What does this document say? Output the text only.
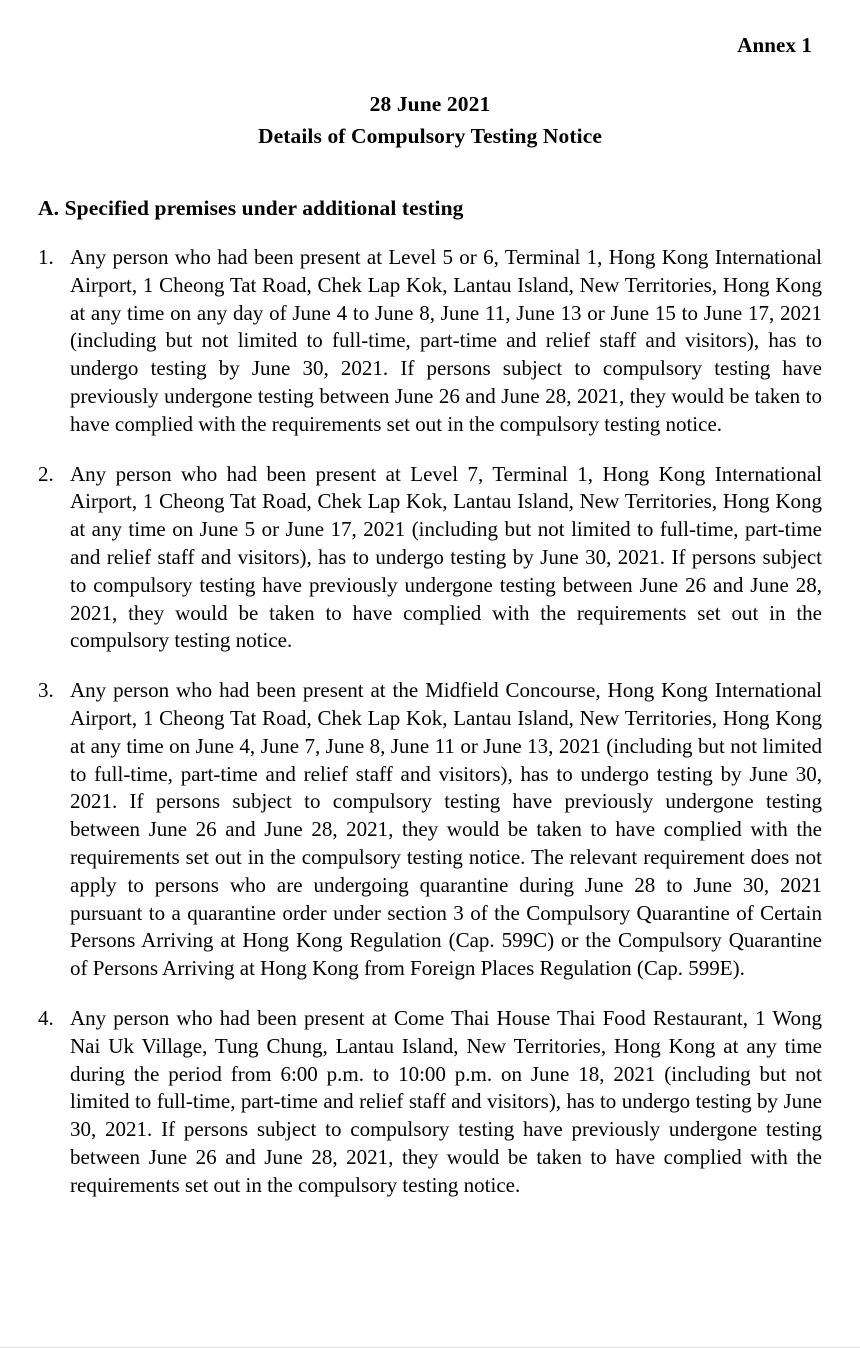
Annex 1
28 June 2021
Details of Compulsory Testing Notice
A. Specified premises under additional testing
1. Any person who had been present at Level 5 or 6, Terminal 1, Hong Kong International Airport, 1 Cheong Tat Road, Chek Lap Kok, Lantau Island, New Territories, Hong Kong at any time on any day of June 4 to June 8, June 11, June 13 or June 15 to June 17, 2021 (including but not limited to full-time, part-time and relief staff and visitors), has to undergo testing by June 30, 2021. If persons subject to compulsory testing have previously undergone testing between June 26 and June 28, 2021, they would be taken to have complied with the requirements set out in the compulsory testing notice.
2. Any person who had been present at Level 7, Terminal 1, Hong Kong International Airport, 1 Cheong Tat Road, Chek Lap Kok, Lantau Island, New Territories, Hong Kong at any time on June 5 or June 17, 2021 (including but not limited to full-time, part-time and relief staff and visitors), has to undergo testing by June 30, 2021. If persons subject to compulsory testing have previously undergone testing between June 26 and June 28, 2021, they would be taken to have complied with the requirements set out in the compulsory testing notice.
3. Any person who had been present at the Midfield Concourse, Hong Kong International Airport, 1 Cheong Tat Road, Chek Lap Kok, Lantau Island, New Territories, Hong Kong at any time on June 4, June 7, June 8, June 11 or June 13, 2021 (including but not limited to full-time, part-time and relief staff and visitors), has to undergo testing by June 30, 2021. If persons subject to compulsory testing have previously undergone testing between June 26 and June 28, 2021, they would be taken to have complied with the requirements set out in the compulsory testing notice. The relevant requirement does not apply to persons who are undergoing quarantine during June 28 to June 30, 2021 pursuant to a quarantine order under section 3 of the Compulsory Quarantine of Certain Persons Arriving at Hong Kong Regulation (Cap. 599C) or the Compulsory Quarantine of Persons Arriving at Hong Kong from Foreign Places Regulation (Cap. 599E).
4. Any person who had been present at Come Thai House Thai Food Restaurant, 1 Wong Nai Uk Village, Tung Chung, Lantau Island, New Territories, Hong Kong at any time during the period from 6:00 p.m. to 10:00 p.m. on June 18, 2021 (including but not limited to full-time, part-time and relief staff and visitors), has to undergo testing by June 30, 2021. If persons subject to compulsory testing have previously undergone testing between June 26 and June 28, 2021, they would be taken to have complied with the requirements set out in the compulsory testing notice.
